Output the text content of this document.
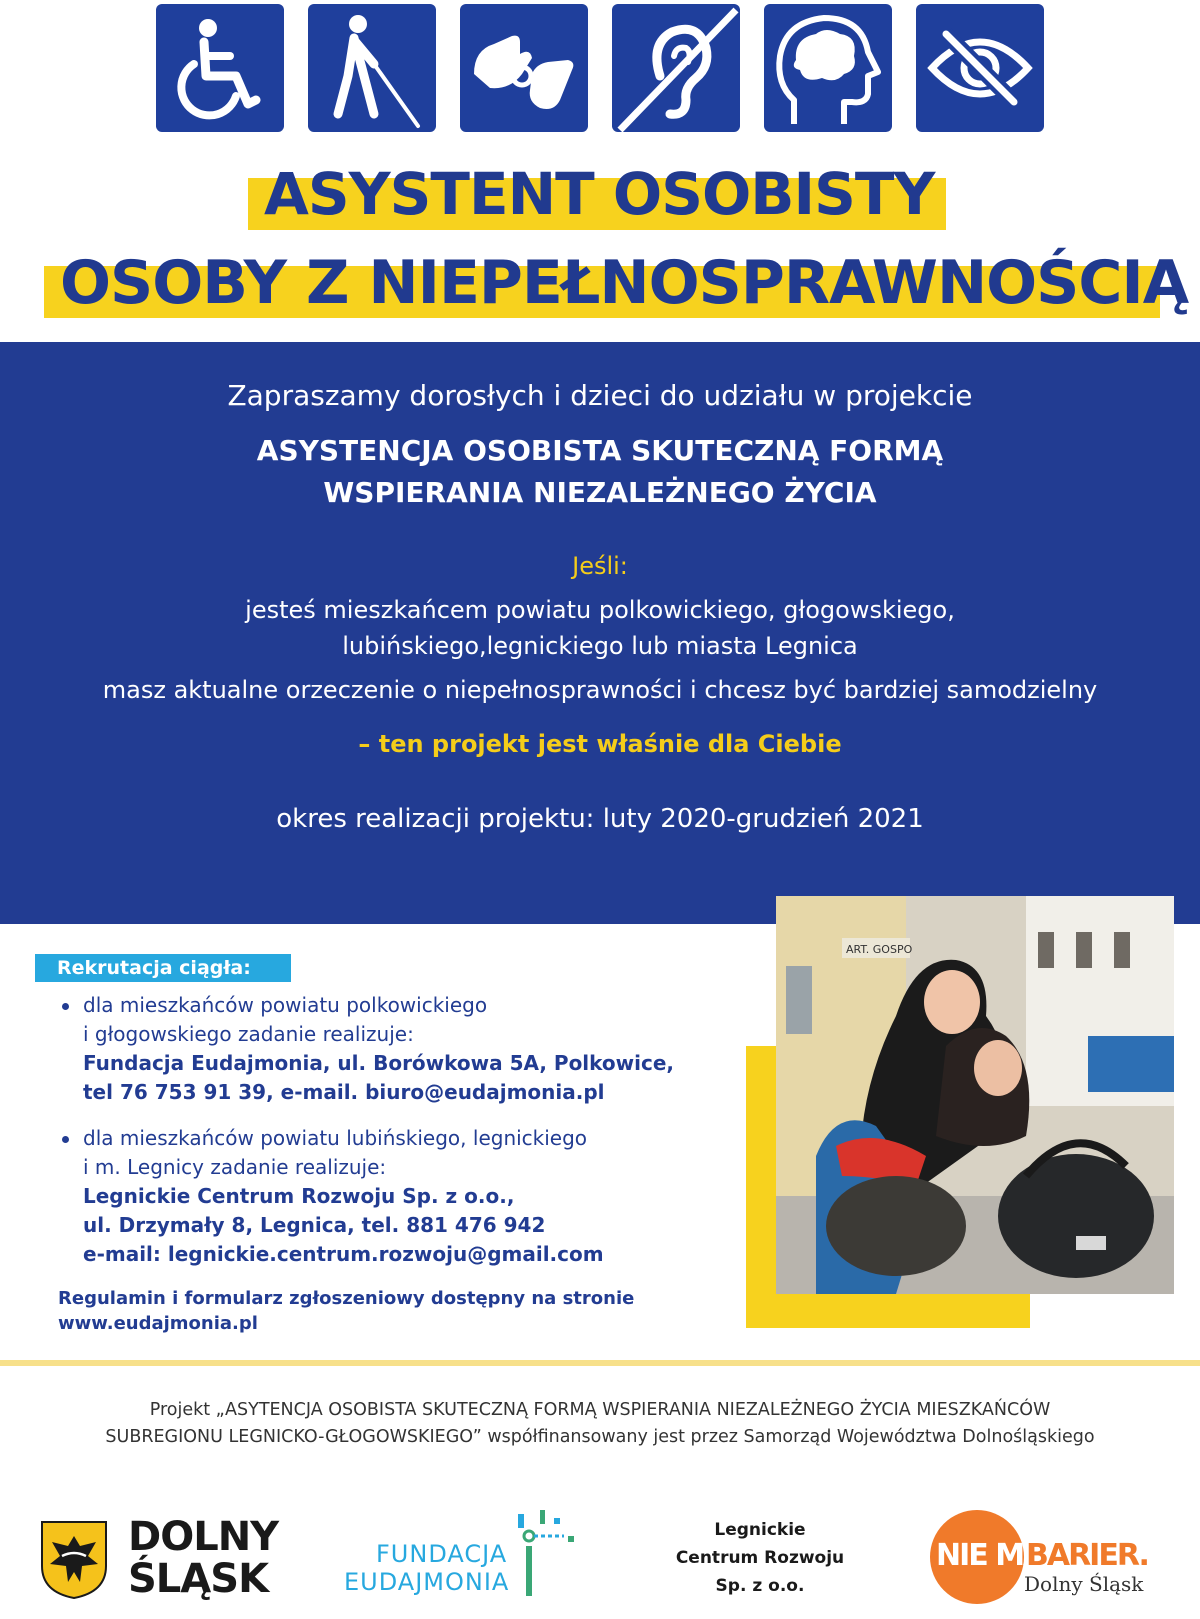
ASYSTENT OSOBISTY
OSOBY Z NIEPEŁNOSPRAWNOŚCIĄ
Zapraszamy dorosłych i dzieci do udziału w projekcie
ASYSTENCJA OSOBISTA SKUTECZNĄ FORMĄ
WSPIERANIA NIEZALEŻNEGO ŻYCIA
Jeśli:
jesteś mieszkańcem powiatu polkowickiego, głogowskiego,
lubińskiego,legnickiego lub miasta Legnica
masz aktualne orzeczenie o niepełnosprawności i chcesz być bardziej samodzielny
– ten projekt jest właśnie dla Ciebie
okres realizacji projektu: luty 2020-grudzień 2021
ART. GOSPO
Rekrutacja ciągła:
dla mieszkańców powiatu polkowickiego
i głogowskiego zadanie realizuje:
Fundacja Eudajmonia, ul. Borówkowa 5A, Polkowice,
tel 76 753 91 39, e-mail. biuro@eudajmonia.pl
dla mieszkańców powiatu lubińskiego, legnickiego
i m. Legnicy zadanie realizuje:
Legnickie Centrum Rozwoju Sp. z o.o.,
ul. Drzymały 8, Legnica, tel. 881 476 942
e-mail: legnickie.centrum.rozwoju@gmail.com
Regulamin i formularz zgłoszeniowy dostępny na stronie
www.eudajmonia.pl
Projekt „ASYTENCJA OSOBISTA SKUTECZNĄ FORMĄ WSPIERANIA NIEZALEŻNEGO ŻYCIA MIESZKAŃCÓW
SUBREGIONU LEGNICKO-GŁOGOWSKIEGO” współfinansowany jest przez Samorząd Województwa Dolnośląskiego
DOLNY
ŚLĄSK
FUNDACJA
EUDAJMONIA
Legnickie
Centrum Rozwoju
Sp. z o.o.
NIE MA
BARIER.
Dolny Śląsk
